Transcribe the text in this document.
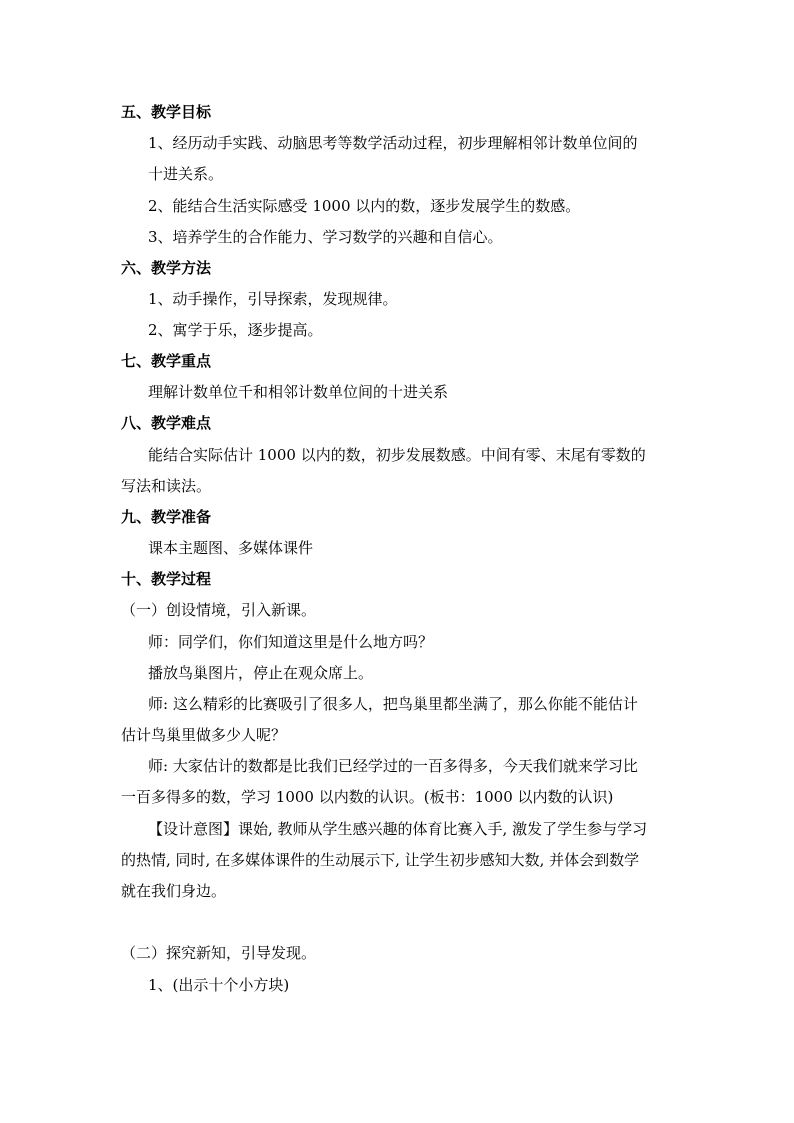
五、教学目标
1、经历动手实践、动脑思考等数学活动过程，初步理解相邻计数单位间的
十进关系。
2、能结合生活实际感受 1000 以内的数，逐步发展学生的数感。
3、培养学生的合作能力、学习数学的兴趣和自信心。
六、教学方法
1、动手操作，引导探索，发现规律。
2、寓学于乐，逐步提高。
七、教学重点
理解计数单位千和相邻计数单位间的十进关系
八、教学难点
能结合实际估计 1000 以内的数，初步发展数感。中间有零、末尾有零数的
写法和读法。
九、教学准备
课本主题图、多媒体课件
十、教学过程
（一）创设情境，引入新课。
师：同学们，你们知道这里是什么地方吗？
播放鸟巢图片，停止在观众席上。
师: 这么精彩的比赛吸引了很多人，把鸟巢里都坐满了，那么你能不能估计
估计鸟巢里做多少人呢？
师: 大家估计的数都是比我们已经学过的一百多得多，今天我们就来学习比
一百多得多的数，学习 1000 以内数的认识。(板书：1000 以内数的认识)
【设计意图】课始, 教师从学生感兴趣的体育比赛入手, 激发了学生参与学习
的热情, 同时, 在多媒体课件的生动展示下, 让学生初步感知大数, 并体会到数学
就在我们身边。
（二）探究新知，引导发现。
1、(出示十个小方块)
